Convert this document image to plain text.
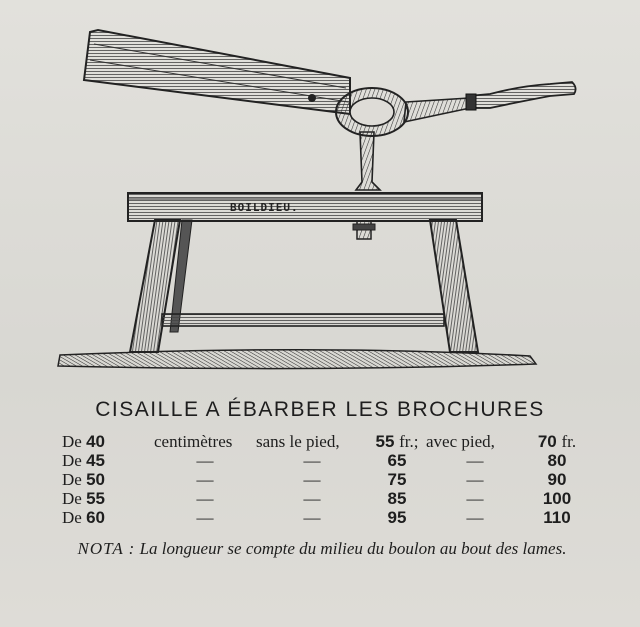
BOILDIEU.
CISAILLE A ÉBARBER LES BROCHURES
De 40	centimètres	sans le pied,	55 fr.;	avec pied,	70 fr.
De 45	—	—	65	—	80
De 50	—	—	75	—	90
De 55	—	—	85	—	100
De 60	—	—	95	—	110
NOTA : La longueur se compte du milieu du boulon au bout des lames.
